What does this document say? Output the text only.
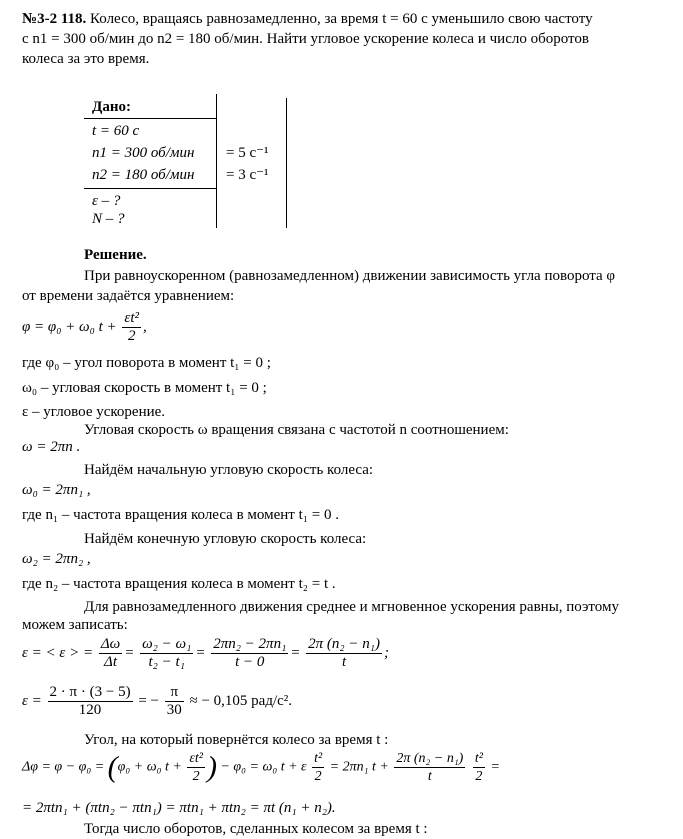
№3-2 118. Колесо, вращаясь равнозамедленно, за время t = 60 с уменьшило свою частоту
с n1 = 300 об/мин до n2 = 180 об/мин. Найти угловое ускорение колеса и число оборотов
колеса за это время.
Дано:
t = 60 с
n1 = 300 об/мин
n2 = 180 об/мин
= 5 с⁻¹
= 3 с⁻¹
ε – ?
N – ?
Решение.
При равноускоренном (равнозамедленном) движении зависимость угла поворота φ
от времени задаётся уравнением:
φ = φ₀ + ω₀ $t + \frac{\text{εt²}}{2}$ ,
где φ₀ – угол поворота в момент t₁ = 0 ;
ω₀ – угловая скорость в момент t₁ = 0 ;
ε – угловое ускорение.
Угловая скорость ω вращения связана с частотой n соотношением:
ω = 2πn .
Найдём начальную угловую скорость колеса:
ω₀ = 2πn₁ ,
где n₁ – частота вращения колеса в момент t₁ = 0 .
Найдём конечную угловую скорость колеса:
ω₂ = 2πn₂ ,
где n₂ – частота вращения колеса в момент t₂ = t .
Для равнозамедленного движения среднее и мгновенное ускорения равны, поэтому
можем записать:
ε = < ε > = $\frac{\Delta\omega}{\Delta t} = \frac{\text{ω₂ − ω₁}}{\text{t₂ − t₁}} = \frac{\text{2πn₂ − 2πn₁}}{t - 0} = \frac{\text{2π (n₂ − n₁)}}{t}$ ;
$\varepsilon = \frac{2 \cdot \pi \cdot (3 - 5)}{120}$ = − $\frac{\pi}{30}$ ≈ − 0,105 рад/с².
Угол, на который повернётся колесо за время t :
Δφ = φ − φ₀ = (φ₀ + ω₀ $t + \frac{\text{εt²}}{2}$ ) − φ₀ = ω₀ t + ε $\frac{\text{t²}}{2} = 2\pi n_1$ $t + \frac{\text{2π (n₂ − n₁)}}{t}$
$\frac{\text{t²}}{2}$ =
= 2πtn₁ + (πtn₂ − πtn₁) = πtn₁ + πtn₂ = πt (n₁ + n₂).
Тогда число оборотов, сделанных колесом за время t :
